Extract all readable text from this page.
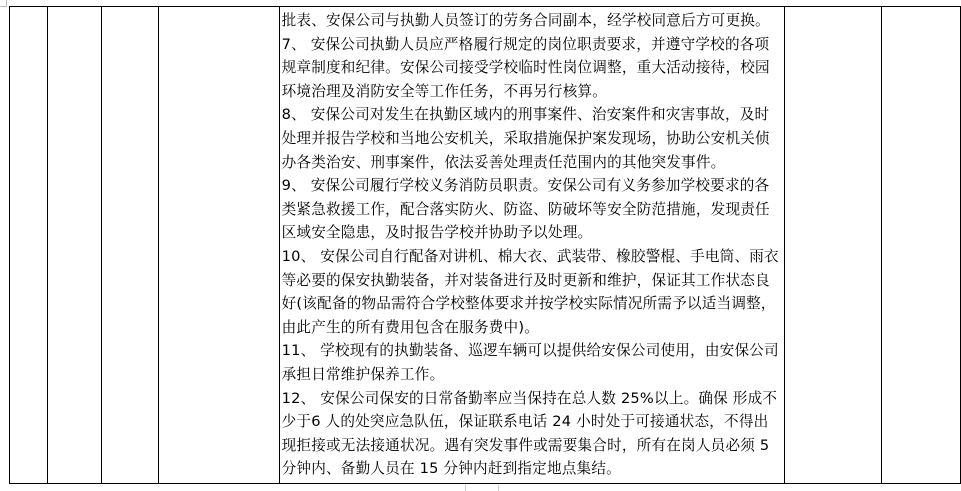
批表、安保公司与执勤人员签订的劳务合同副本，经学校同意后方可更换。

7、 安保公司执勤人员应严格履行规定的岗位职责要求，并遵守学校的各项规章制度和纪律。安保公司接受学校临时性岗位调整，重大活动接待，校园环境治理及消防安全等工作任务，不再另行核算。

8、 安保公司对发生在执勤区域内的刑事案件、治安案件和灾害事故，及时处理并报告学校和当地公安机关，采取措施保护案发现场，协助公安机关侦办各类治安、刑事案件，依法妥善处理责任范围内的其他突发事件。

9、 安保公司履行学校义务消防员职责。安保公司有义务参加学校要求的各类紧急救援工作，配合落实防火、防盗、防破坏等安全防范措施，发现责任区域安全隐患，及时报告学校并协助予以处理。

10、 安保公司自行配备对讲机、棉大衣、武装带、橡胶警棍、手电筒、雨衣等必要的保安执勤装备，并对装备进行及时更新和维护，保证其工作状态良好(该配备的物品需符合学校整体要求并按学校实际情况所需予以适当调整，由此产生的所有费用包含在服务费中)。

11、 学校现有的执勤装备、巡逻车辆可以提供给安保公司使用，由安保公司承担日常维护保养工作。

12、 安保公司保安的日常备勤率应当保持在总人数 25%以上。确保 形成不少于6 人的处突应急队伍，保证联系电话 24 小时处于可接通状态，不得出现拒接或无法接通状况。遇有突发事件或需要集合时，所有在岗人员必须 5 分钟内、备勤人员在 15 分钟内赶到指定地点集结。
